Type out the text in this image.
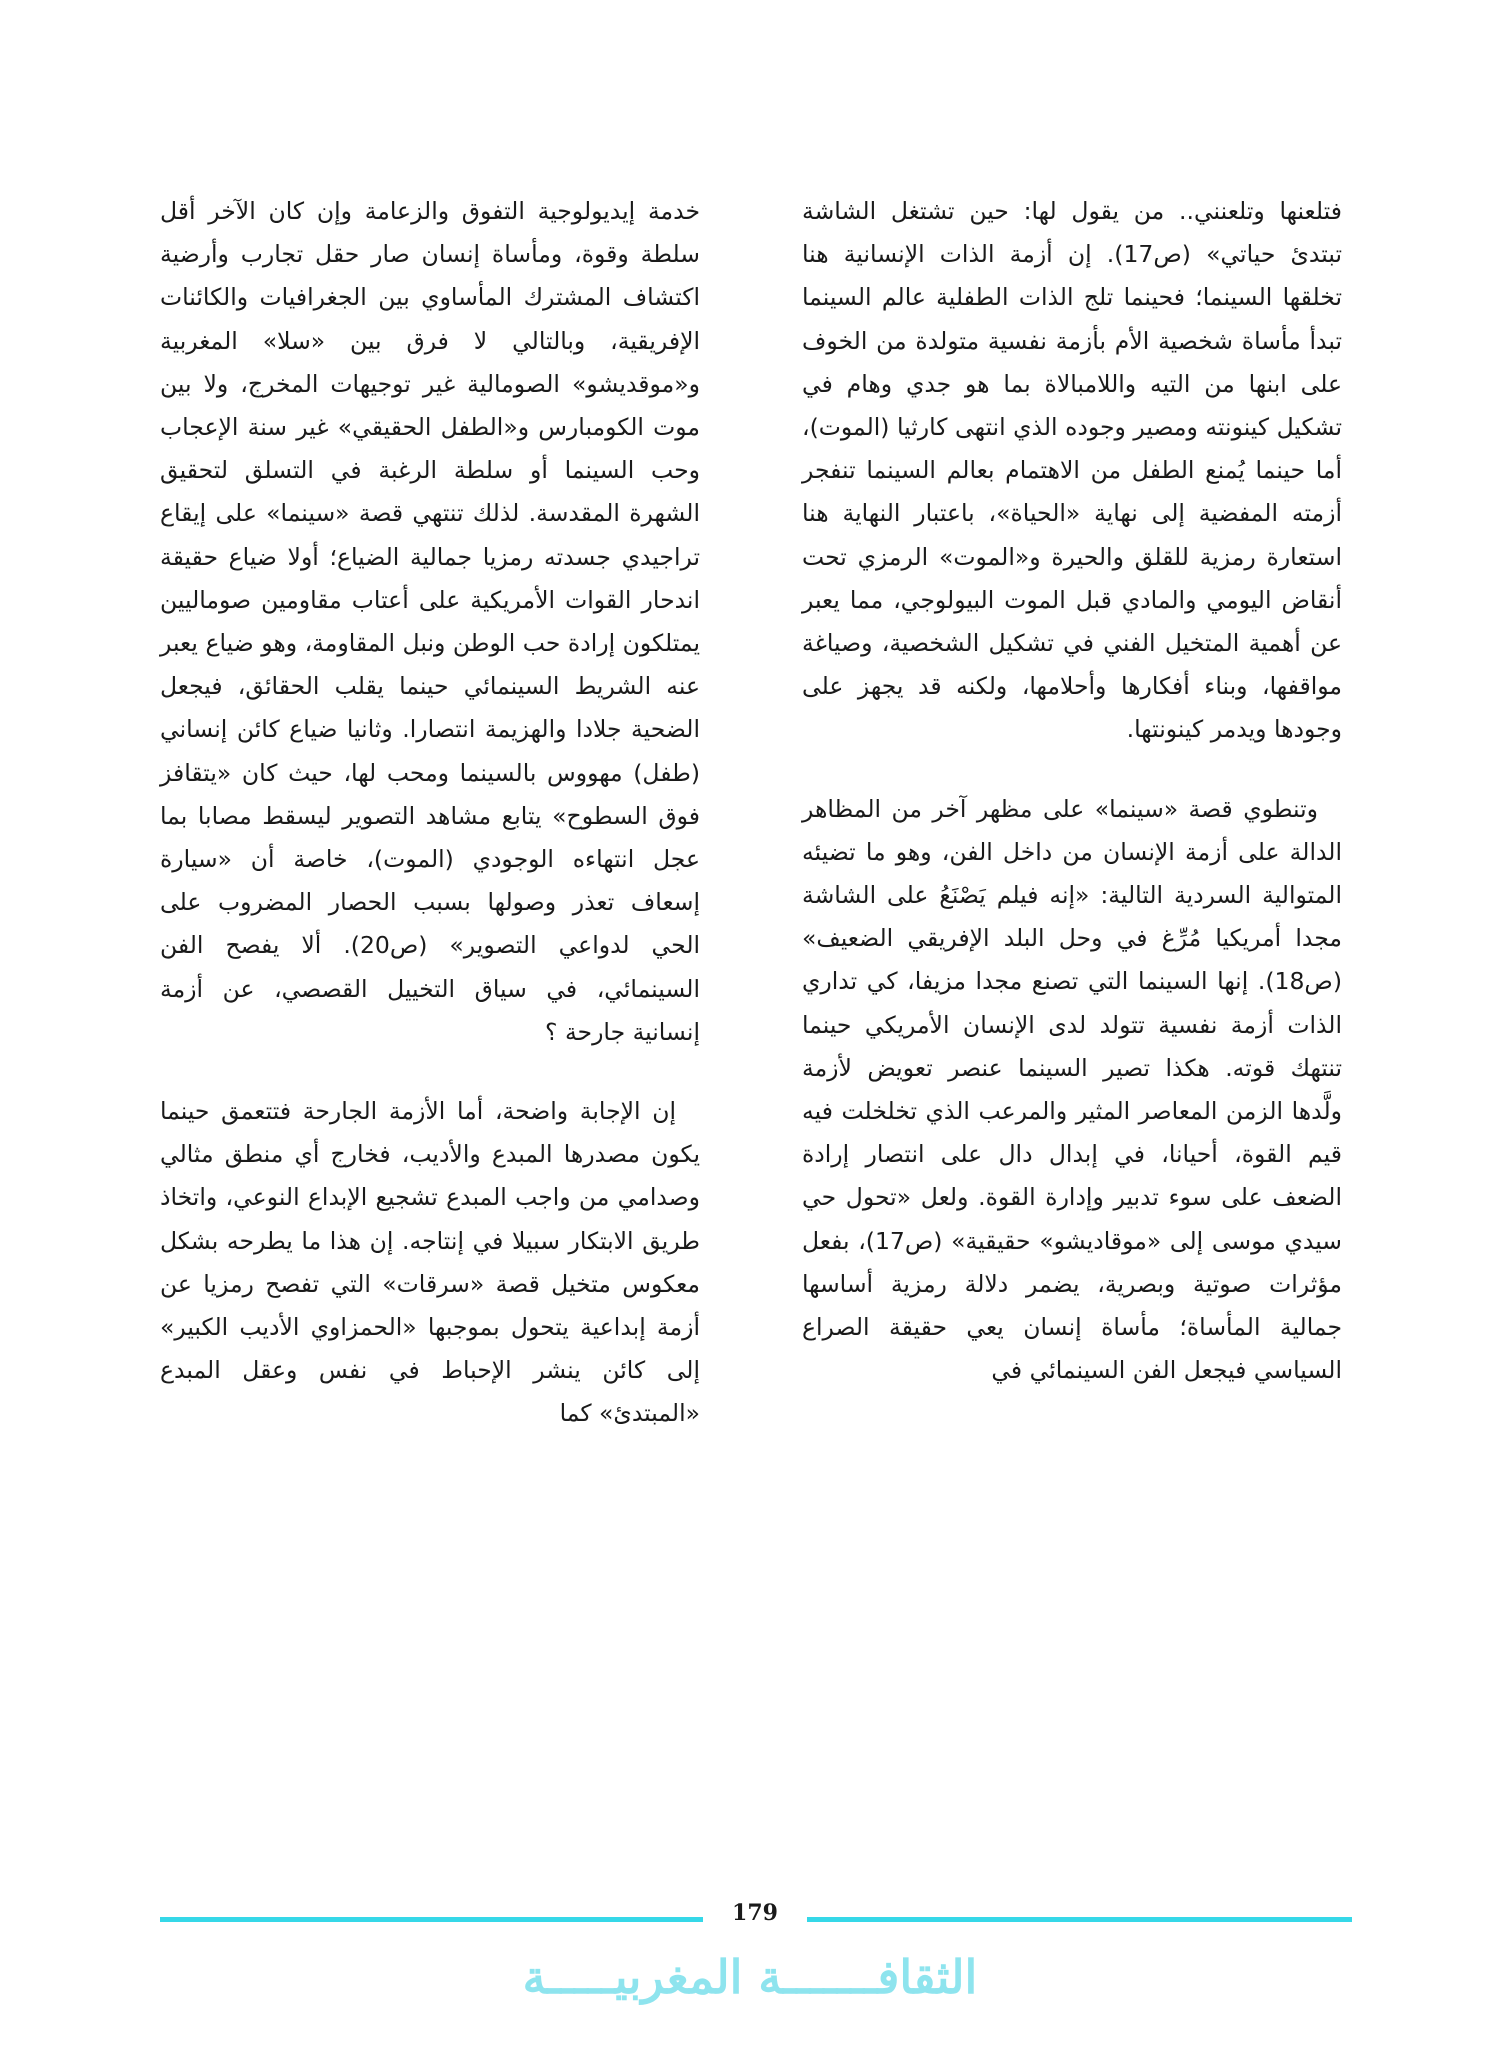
فتلعنها وتلعنني.. من يقول لها: حين تشتغل الشاشة تبتدئ حياتي» (ص17). إن أزمة الذات الإنسانية هنا تخلقها السينما؛ فحينما تلج الذات الطفلية عالم السينما تبدأ مأساة شخصية الأم بأزمة نفسية متولدة من الخوف على ابنها من التيه واللامبالاة بما هو جدي وهام في تشكيل كينونته ومصير وجوده الذي انتهى كارثيا (الموت)، أما حينما يُمنع الطفل من الاهتمام بعالم السينما تنفجر أزمته المفضية إلى نهاية «الحياة»، باعتبار النهاية هنا استعارة رمزية للقلق والحيرة و«الموت» الرمزي تحت أنقاض اليومي والمادي قبل الموت البيولوجي، مما يعبر عن أهمية المتخيل الفني في تشكيل الشخصية، وصياغة مواقفها، وبناء أفكارها وأحلامها، ولكنه قد يجهز على وجودها ويدمر كينونتها.

وتنطوي قصة «سينما» على مظهر آخر من المظاهر الدالة على أزمة الإنسان من داخل الفن، وهو ما تضيئه المتوالية السردية التالية: «إنه فيلم يَصْنَعُ على الشاشة مجدا أمريكيا مُرِّغ في وحل البلد الإفريقي الضعيف» (ص18). إنها السينما التي تصنع مجدا مزيفا، كي تداري الذات أزمة نفسية تتولد لدى الإنسان الأمريكي حينما تنتهك قوته. هكذا تصير السينما عنصر تعويض لأزمة ولَّدها الزمن المعاصر المثير والمرعب الذي تخلخلت فيه قيم القوة، أحيانا، في إبدال دال على انتصار إرادة الضعف على سوء تدبير وإدارة القوة. ولعل «تحول حي سيدي موسى إلى «موقاديشو» حقيقية» (ص17)، بفعل مؤثرات صوتية وبصرية، يضمر دلالة رمزية أساسها جمالية المأساة؛ مأساة إنسان يعي حقيقة الصراع السياسي فيجعل الفن السينمائي في

خدمة إيديولوجية التفوق والزعامة وإن كان الآخر أقل سلطة وقوة، ومأساة إنسان صار حقل تجارب وأرضية اكتشاف المشترك المأساوي بين الجغرافيات والكائنات الإفريقية، وبالتالي لا فرق بين «سلا» المغربية و«موقديشو» الصومالية غير توجيهات المخرج، ولا بين موت الكومبارس و«الطفل الحقيقي» غير سنة الإعجاب وحب السينما أو سلطة الرغبة في التسلق لتحقيق الشهرة المقدسة. لذلك تنتهي قصة «سينما» على إيقاع تراجيدي جسدته رمزيا جمالية الضياع؛ أولا ضياع حقيقة اندحار القوات الأمريكية على أعتاب مقاومين صوماليين يمتلكون إرادة حب الوطن ونبل المقاومة، وهو ضياع يعبر عنه الشريط السينمائي حينما يقلب الحقائق، فيجعل الضحية جلادا والهزيمة انتصارا. وثانيا ضياع كائن إنساني (طفل) مهووس بالسينما ومحب لها، حيث كان «يتقافز فوق السطوح» يتابع مشاهد التصوير ليسقط مصابا بما عجل انتهاءه الوجودي (الموت)، خاصة أن «سيارة إسعاف تعذر وصولها بسبب الحصار المضروب على الحي لدواعي التصوير» (ص20). ألا يفصح الفن السينمائي، في سياق التخييل القصصي، عن أزمة إنسانية جارحة ؟

إن الإجابة واضحة، أما الأزمة الجارحة فتتعمق حينما يكون مصدرها المبدع والأديب، فخارج أي منطق مثالي وصدامي من واجب المبدع تشجيع الإبداع النوعي، واتخاذ طريق الابتكار سبيلا في إنتاجه. إن هذا ما يطرحه بشكل معكوس متخيل قصة «سرقات» التي تفصح رمزيا عن أزمة إبداعية يتحول بموجبها «الحمزاوي الأديب الكبير» إلى كائن ينشر الإحباط في نفس وعقل المبدع «المبتدئ» كما

179
الثقافـــــــة المغربيـــــة
